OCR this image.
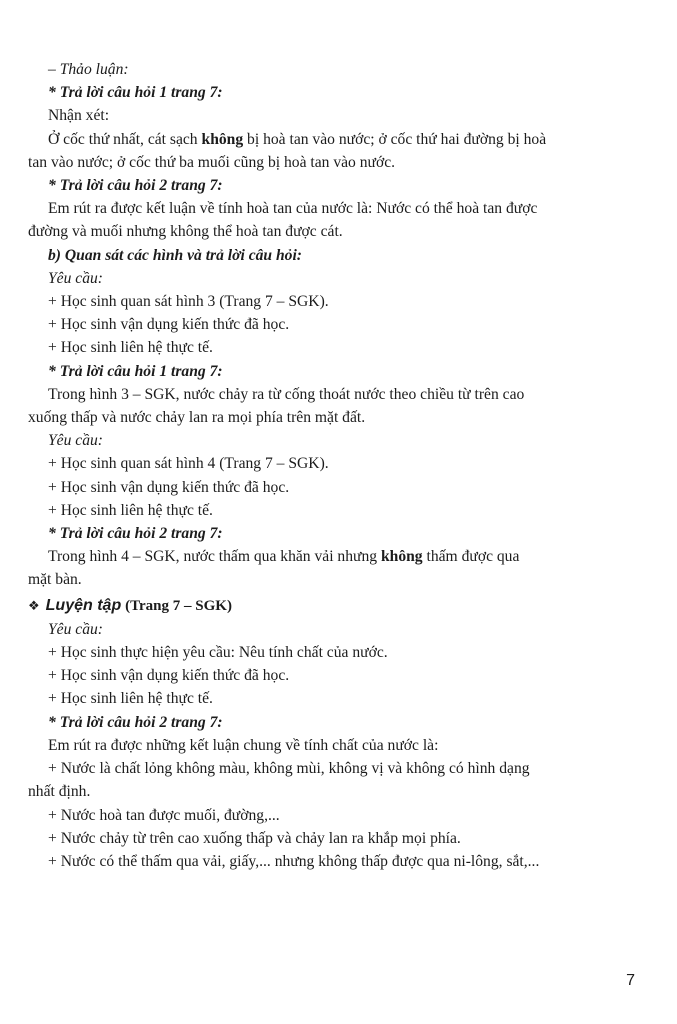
– Thảo luận:

* Trả lời câu hỏi 1 trang 7:

Nhận xét:

Ở cốc thứ nhất, cát sạch không bị hoà tan vào nước; ở cốc thứ hai đường bị hoà
tan vào nước; ở cốc thứ ba muối cũng bị hoà tan vào nước.

* Trả lời câu hỏi 2 trang 7:

Em rút ra được kết luận về tính hoà tan của nước là: Nước có thể hoà tan được
đường và muối nhưng không thể hoà tan được cát.

b) Quan sát các hình và trả lời câu hỏi:

Yêu cầu:

+ Học sinh quan sát hình 3 (Trang 7 – SGK).

+ Học sinh vận dụng kiến thức đã học.

+ Học sinh liên hệ thực tế.

* Trả lời câu hỏi 1 trang 7:

Trong hình 3 – SGK, nước chảy ra từ cống thoát nước theo chiều từ trên cao
xuống thấp và nước chảy lan ra mọi phía trên mặt đất.

Yêu cầu:

+ Học sinh quan sát hình 4 (Trang 7 – SGK).

+ Học sinh vận dụng kiến thức đã học.

+ Học sinh liên hệ thực tế.

* Trả lời câu hỏi 2 trang 7:

Trong hình 4 – SGK, nước thấm qua khăn vải nhưng không thấm được qua
mặt bàn.

❖ Luyện tập (Trang 7 – SGK)

Yêu cầu:

+ Học sinh thực hiện yêu cầu: Nêu tính chất của nước.

+ Học sinh vận dụng kiến thức đã học.

+ Học sinh liên hệ thực tế.

* Trả lời câu hỏi 2 trang 7:

Em rút ra được những kết luận chung về tính chất của nước là:

+ Nước là chất lỏng không màu, không mùi, không vị và không có hình dạng
nhất định.

+ Nước hoà tan được muối, đường,...

+ Nước chảy từ trên cao xuống thấp và chảy lan ra khắp mọi phía.

+ Nước có thể thấm qua vải, giấy,... nhưng không thấp được qua ni-lông, sắt,...

7
